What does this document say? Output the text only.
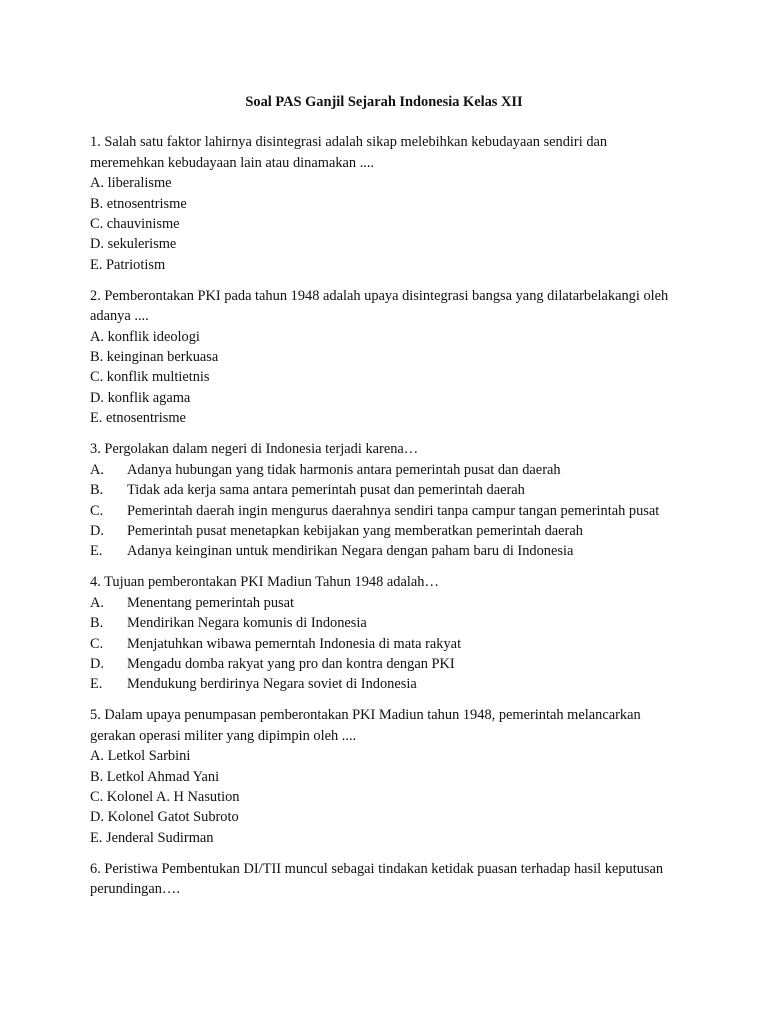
Soal PAS Ganjil Sejarah Indonesia Kelas XII

1. Salah satu faktor lahirnya disintegrasi adalah sikap melebihkan kebudayaan sendiri dan meremehkan kebudayaan lain atau dinamakan ....

A. liberalisme

B. etnosentrisme

C. chauvinisme

D. sekulerisme

E. Patriotism

2. Pemberontakan PKI pada tahun 1948 adalah upaya disintegrasi bangsa yang dilatarbelakangi oleh adanya ....

A. konflik ideologi

B. keinginan berkuasa

C. konflik multietnis

D. konflik agama

E. etnosentrisme

3. Pergolakan dalam negeri di Indonesia terjadi karena…

A.	Adanya hubungan yang tidak harmonis antara pemerintah pusat dan daerah
B.	Tidak ada kerja sama antara pemerintah pusat dan pemerintah daerah
C.	Pemerintah daerah ingin mengurus daerahnya sendiri tanpa campur tangan pemerintah pusat
D.	Pemerintah pusat menetapkan kebijakan yang memberatkan pemerintah daerah
E.	Adanya keinginan untuk mendirikan Negara dengan paham baru di Indonesia

4. Tujuan pemberontakan PKI Madiun Tahun 1948 adalah…

A.	Menentang pemerintah pusat
B.	Mendirikan Negara komunis di Indonesia
C.	Menjatuhkan wibawa pemerntah Indonesia di mata rakyat
D.	Mengadu domba rakyat yang pro dan kontra dengan PKI
E.	Mendukung berdirinya Negara soviet di Indonesia

5. Dalam upaya penumpasan pemberontakan PKI Madiun tahun 1948, pemerintah melancarkan gerakan operasi militer yang dipimpin oleh ....

A. Letkol Sarbini

B. Letkol Ahmad Yani

C. Kolonel A. H Nasution

D. Kolonel Gatot Subroto

E. Jenderal Sudirman

6. Peristiwa Pembentukan DI/TII muncul sebagai tindakan ketidak puasan terhadap hasil keputusan perundingan….
